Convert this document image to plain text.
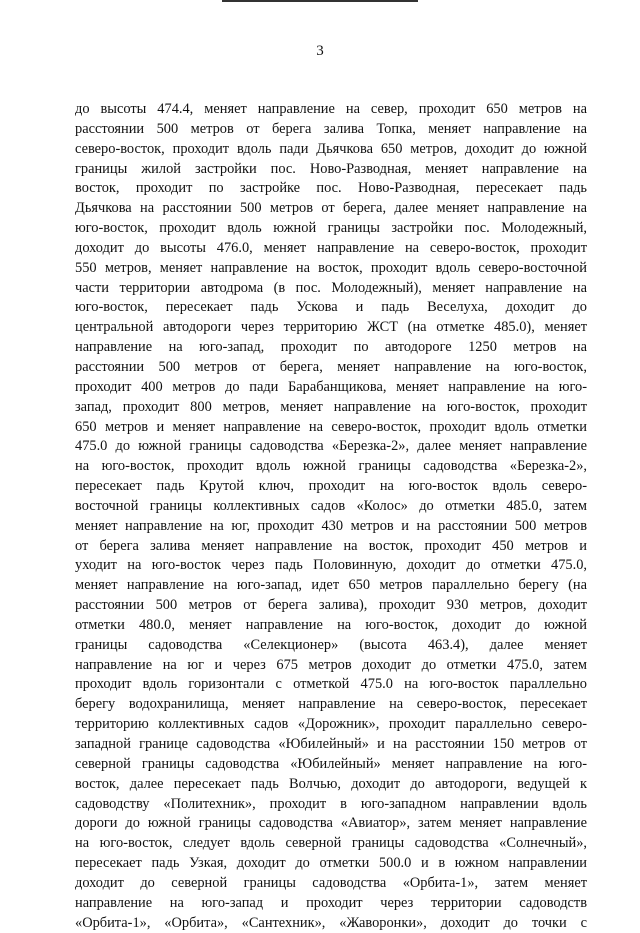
3
до высоты 474.4, меняет направление на север, проходит 650 метров на
расстоянии 500 метров от берега залива Топка, меняет направление на
северо-восток, проходит вдоль пади Дьячкова 650 метров, доходит до южной
границы жилой застройки пос. Ново-Разводная, меняет направление на
восток, проходит по застройке пос. Ново-Разводная, пересекает падь
Дьячкова на расстоянии 500 метров от берега, далее меняет направление на
юго-восток, проходит вдоль южной границы застройки пос. Молодежный,
доходит до высоты 476.0, меняет направление на северо-восток, проходит
550 метров, меняет направление на восток, проходит вдоль северо-восточной
части территории автодрома (в пос. Молодежный), меняет направление на
юго-восток, пересекает падь Ускова и падь Веселуха, доходит до
центральной автодороги через территорию ЖСТ (на отметке 485.0), меняет
направление на юго-запад, проходит по автодороге 1250 метров на
расстоянии 500 метров от берега, меняет направление на юго-восток,
проходит 400 метров до пади Барабанщикова, меняет направление на юго-
запад, проходит 800 метров, меняет направление на юго-восток, проходит
650 метров и меняет направление на северо-восток, проходит вдоль отметки
475.0 до южной границы садоводства «Березка-2», далее меняет направление
на юго-восток, проходит вдоль южной границы садоводства «Березка-2»,
пересекает падь Крутой ключ, проходит на юго-восток вдоль северо-
восточной границы коллективных садов «Колос» до отметки 485.0, затем
меняет направление на юг, проходит 430 метров и на расстоянии 500 метров
от берега залива меняет направление на восток, проходит 450 метров и
уходит на юго-восток через падь Половинную, доходит до отметки 475.0,
меняет направление на юго-запад, идет 650 метров параллельно берегу (на
расстоянии 500 метров от берега залива), проходит 930 метров, доходит
отметки 480.0, меняет направление на юго-восток, доходит до южной
границы садоводства «Селекционер» (высота 463.4), далее меняет
направление на юг и через 675 метров доходит до отметки 475.0, затем
проходит вдоль горизонтали с отметкой 475.0 на юго-восток параллельно
берегу водохранилища, меняет направление на северо-восток, пересекает
территорию коллективных садов «Дорожник», проходит параллельно северо-
западной границе садоводства «Юбилейный» и на расстоянии 150 метров от
северной границы садоводства «Юбилейный» меняет направление на юго-
восток, далее пересекает падь Волчью, доходит до автодороги, ведущей к
садоводству «Политехник», проходит в юго-западном направлении вдоль
дороги до южной границы садоводства «Авиатор», затем меняет направление
на юго-восток, следует вдоль северной границы садоводства «Солнечный»,
пересекает падь Узкая, доходит до отметки 500.0 и в южном направлении
доходит до северной границы садоводства «Орбита-1», затем меняет
направление на юго-запад и проходит через территории садоводств
«Орбита-1», «Орбита», «Сантехник», «Жаворонки», доходит до точки с
